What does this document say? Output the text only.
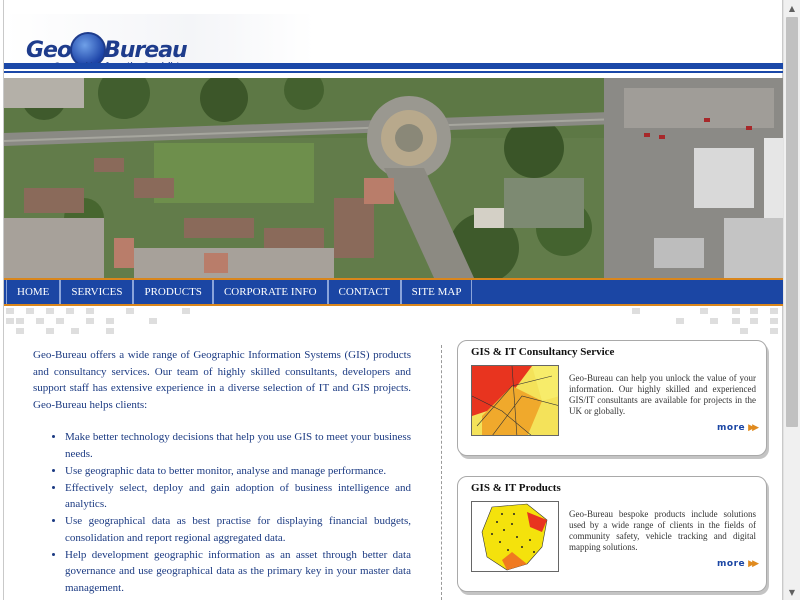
Geo Bureau
HOME	SERVICES	PRODUCTS	CORPORATE INFO	CONTACT	SITE MAP

Geo-Bureau offers a wide range of Geographic Information Systems (GIS) products and consultancy services. Our team of highly skilled consultants, developers and support staff has extensive experience in a diverse selection of IT and GIS projects. Geo-Bureau helps clients:

• Make better technology decisions that help you use GIS to meet your business needs.
• Use geographic data to better monitor, analyse and manage performance.
• Effectively select, deploy and gain adoption of business intelligence and analytics.
• Use geographical data as best practise for displaying financial budgets, consolidation and report regional aggregated data.
• Help development geographic information as an asset through better data governance and use geographical data as the primary key in your master data management.
GIS & IT Consultancy Service
Geo-Bureau can help you unlock the value of your information. Our highly skilled and experienced GIS/IT consultants are available for projects in the UK or globally.
more ▶▶
GIS & IT Products
Geo-Bureau bespoke products include solutions used by a wide range of clients in the fields of community safety, vehicle tracking and digital mapping solutions.
more ▶▶
▲
▼
